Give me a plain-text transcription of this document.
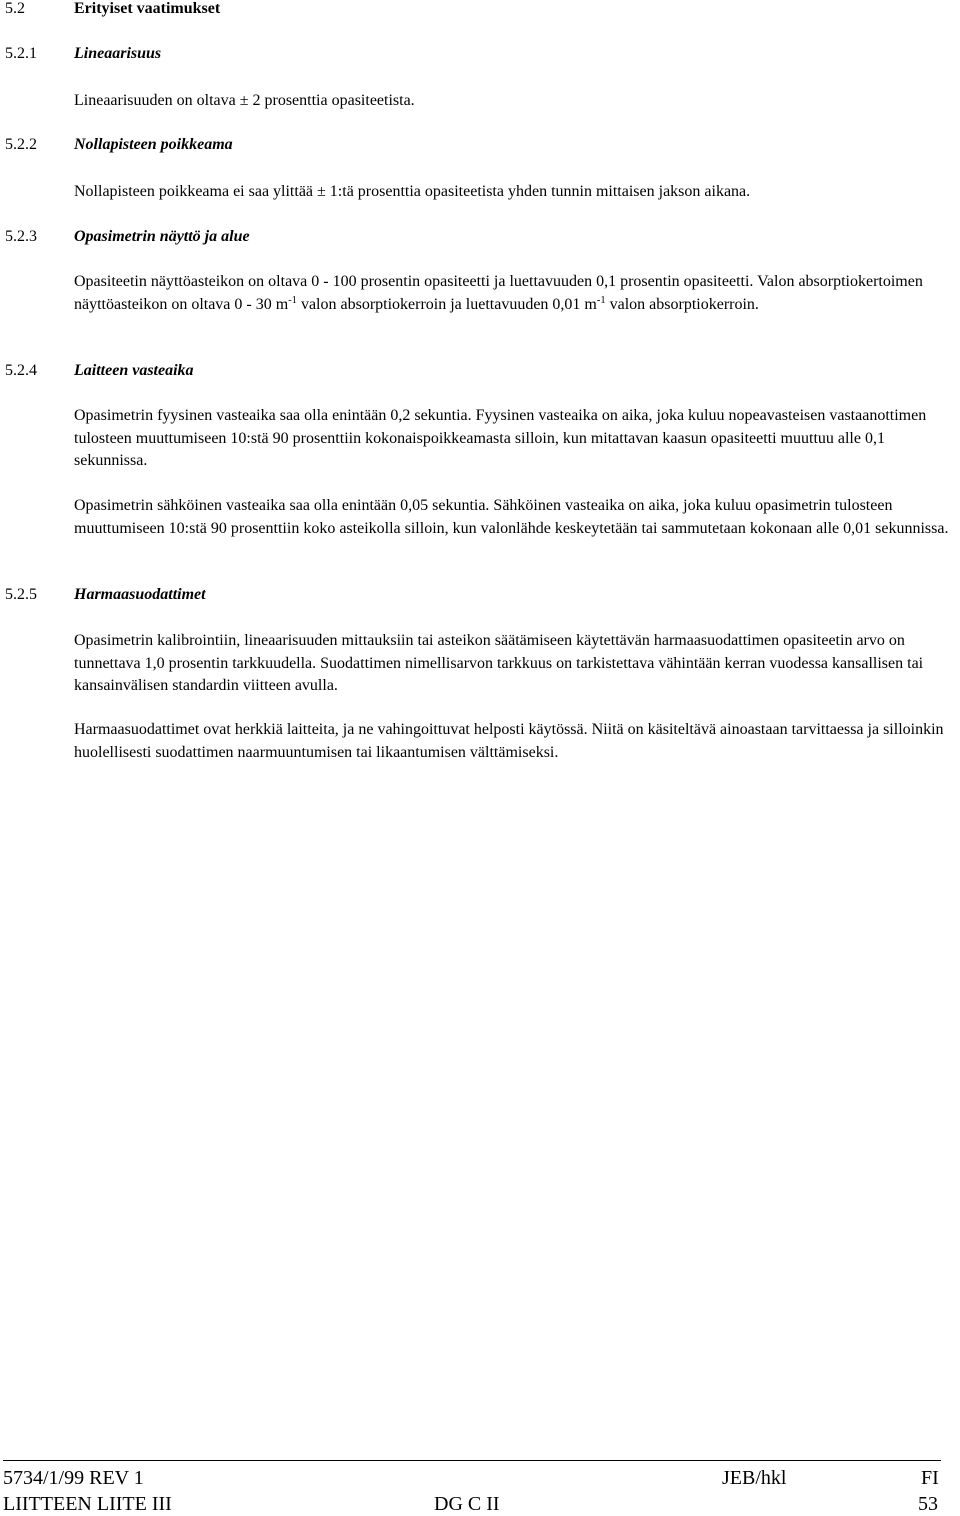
5.2	Erityiset vaatimukset
5.2.1 Lineaarisuus

Lineaarisuuden on oltava ± 2 prosenttia opasiteetista.

5.2.2 Nollapisteen poikkeama

Nollapisteen poikkeama ei saa ylittää ± 1:tä prosenttia opasiteetista yhden tunnin mittaisen jakson aikana.

5.2.3 Opasimetrin näyttö ja alue

Opasiteetin näyttöasteikon on oltava 0 - 100 prosentin opasiteetti ja luettavuuden 0,1 prosentin opasiteetti. Valon absorptiokertoimen näyttöasteikon on oltava 0 - 30 $m^{-1}$ valon absorptiokerroin ja luettavuuden 0,01 $m^{-1}$ valon absorptiokerroin.

5.2.4 Laitteen vasteaika

Opasimetrin fyysinen vasteaika saa olla enintään 0,2 sekuntia. Fyysinen vasteaika on aika, joka kuluu nopeavasteisen vastaanottimen tulosteen muuttumiseen 10:stä 90 prosenttiin kokonaispoikkeamasta silloin, kun mitattavan kaasun opasiteetti muuttuu alle 0,1 sekunnissa.

Opasimetrin sähköinen vasteaika saa olla enintään 0,05 sekuntia. Sähköinen vasteaika on aika, joka kuluu opasimetrin tulosteen muuttumiseen 10:stä 90 prosenttiin koko asteikolla silloin, kun valonlähde keskeytetään tai sammutetaan kokonaan alle 0,01 sekunnissa.

5.2.5 Harmaasuodattimet

Opasimetrin kalibrointiin, lineaarisuuden mittauksiin tai asteikon säätämiseen käytettävän harmaasuodattimen opasiteetin arvo on tunnettava 1,0 prosentin tarkkuudella. Suodattimen nimellisarvon tarkkuus on tarkistettava vähintään kerran vuodessa kansallisen tai kansainvälisen standardin viitteen avulla.

Harmaasuodattimet ovat herkkiä laitteita, ja ne vahingoittuvat helposti käytössä. Niitä on käsiteltävä ainoastaan tarvittaessa ja silloinkin huolellisesti suodattimen naarmuuntumisen tai likaantumisen välttämiseksi.

5734/1/99 REV 1	JEB/hkl	FI
LIITTEEN LIITE III	DG C II	53
